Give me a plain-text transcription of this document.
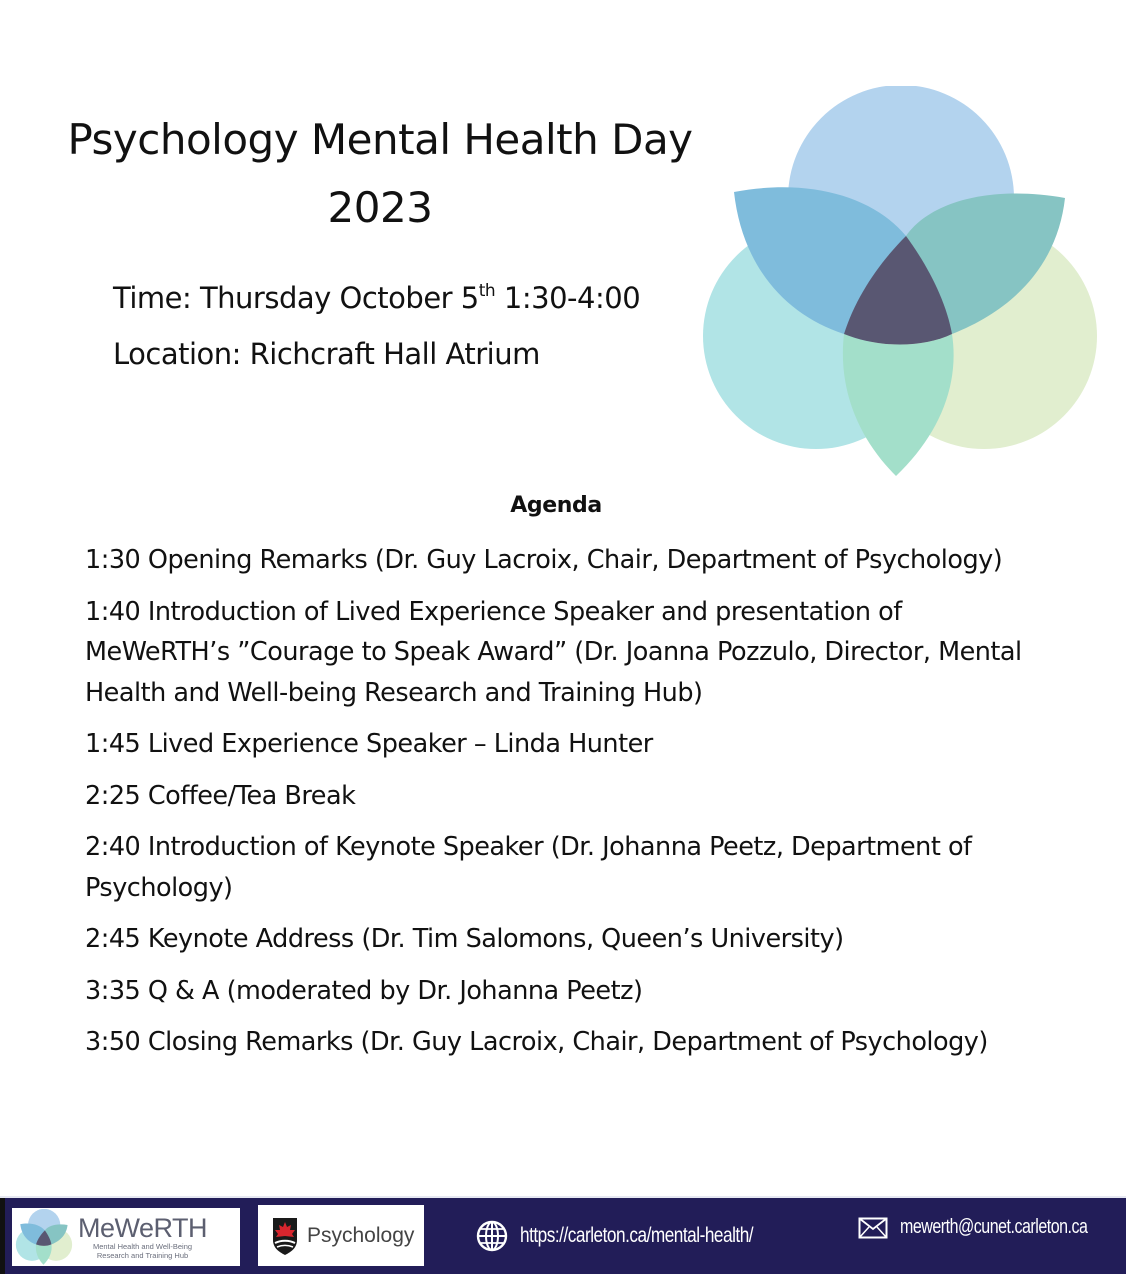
Psychology Mental Health Day
2023
Time: Thursday October 5th 1:30-4:00
Location: Richcraft Hall Atrium
Agenda
1:30 Opening Remarks (Dr. Guy Lacroix, Chair, Department of Psychology)
1:40 Introduction of Lived Experience Speaker and presentation of MeWeRTH’s ”Courage to Speak Award” (Dr. Joanna Pozzulo, Director, Mental Health and Well-being Research and Training Hub)
1:45 Lived Experience Speaker – Linda Hunter
2:25 Coffee/Tea Break
2:40 Introduction of Keynote Speaker (Dr. Johanna Peetz, Department of Psychology)
2:45 Keynote Address (Dr. Tim Salomons, Queen’s University)
3:35 Q & A (moderated by Dr. Johanna Peetz)
3:50 Closing Remarks (Dr. Guy Lacroix, Chair, Department of Psychology)
MeWeRTH
Mental Health and Well-Being
Research and Training Hub
Psychology	https://carleton.ca/mental-health/	mewerth@cunet.carleton.ca
